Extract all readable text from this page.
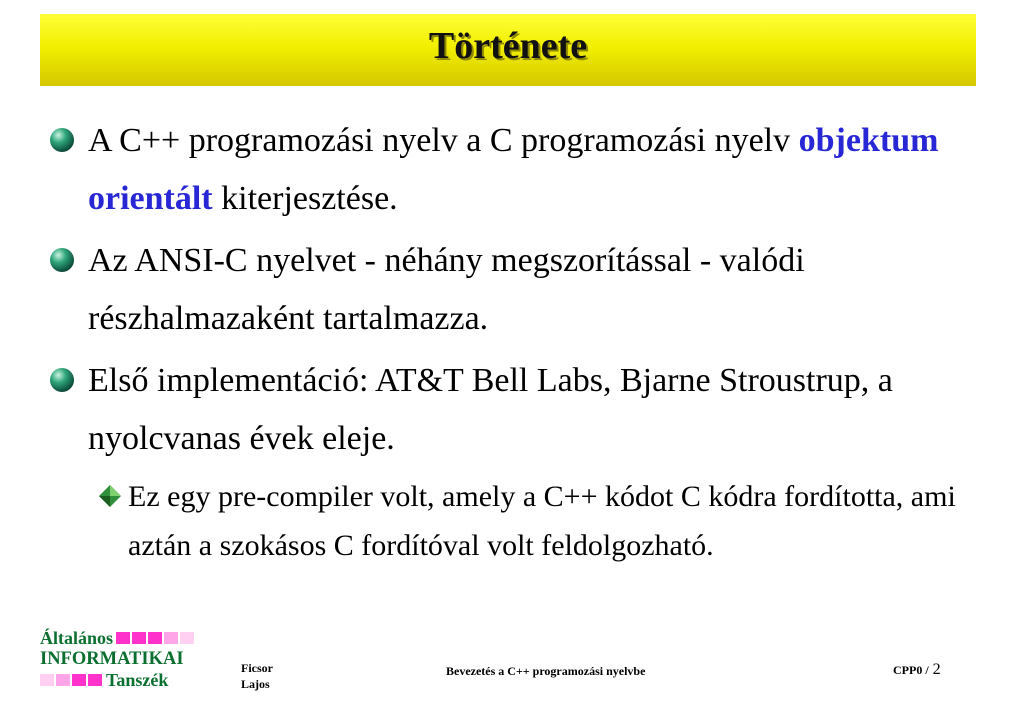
Története
A C++ programozási nyelv a C programozási nyelv objektum orientált kiterjesztése.
Az ANSI-C nyelvet - néhány megszorítással - valódi részhalmazaként tartalmazza.
Első implementáció: AT&T Bell Labs, Bjarne Stroustrup, a nyolcvanas évek eleje.
Ez egy pre-compiler volt, amely a C++ kódot C kódra fordította, ami aztán a szokásos C fordítóval volt feldolgozható.
Általános
INFORMATIKAI
Tanszék
Ficsor
Lajos
Bevezetés a C++ programozási nyelvbe	CPP0 / 2
